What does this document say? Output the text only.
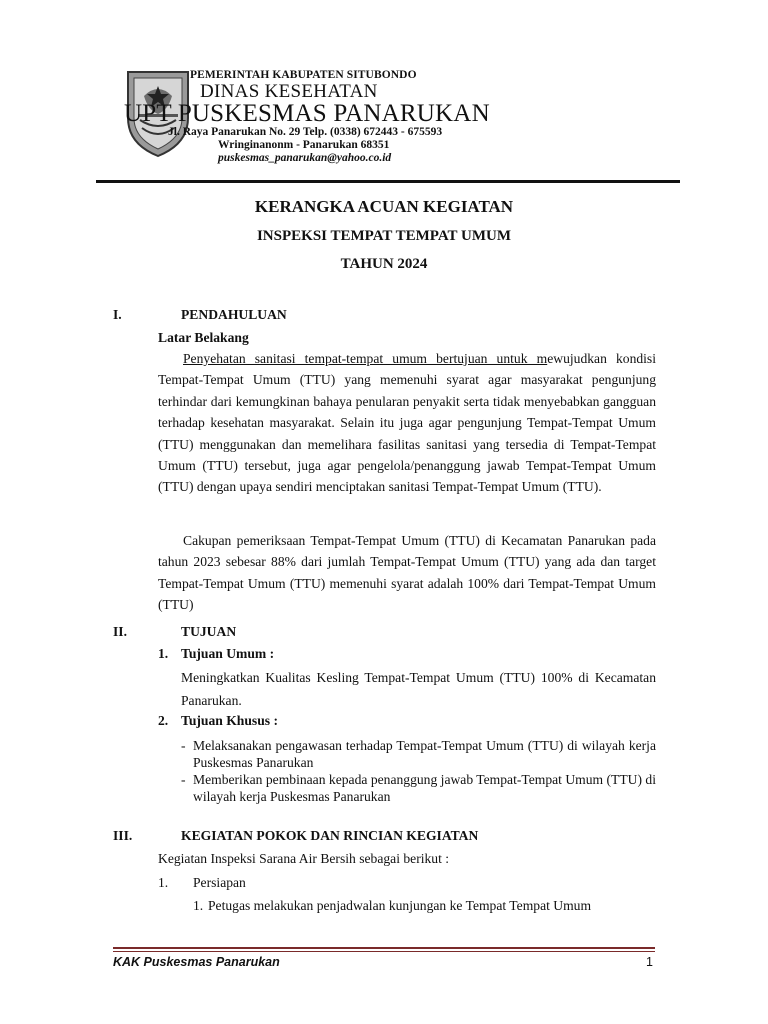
PEMERINTAH KABUPATEN SITUBONDO
DINAS KESEHATAN
UPT PUSKESMAS PANARUKAN
Jl. Raya Panarukan No. 29 Telp. (0338) 672443 - 675593
Wringinanonm - Panarukan 68351
puskesmas_panarukan@yahoo.co.id
KERANGKA ACUAN KEGIATAN
INSPEKSI TEMPAT TEMPAT UMUM
TAHUN 2024
I.	PENDAHULUAN
Latar Belakang

Penyehatan sanitasi tempat-tempat umum bertujuan untuk mewujudkan kondisi Tempat-Tempat Umum (TTU) yang memenuhi syarat agar masyarakat pengunjung terhindar dari kemungkinan bahaya penularan penyakit serta tidak menyebabkan gangguan terhadap kesehatan masyarakat. Selain itu juga agar pengunjung Tempat-Tempat Umum (TTU) menggunakan dan memelihara fasilitas sanitasi yang tersedia di Tempat-Tempat Umum (TTU) tersebut, juga agar pengelola/penanggung jawab Tempat-Tempat Umum (TTU) dengan upaya sendiri menciptakan sanitasi Tempat-Tempat Umum (TTU).

Cakupan pemeriksaan Tempat-Tempat Umum (TTU) di Kecamatan Panarukan pada tahun 2023 sebesar 88% dari jumlah Tempat-Tempat Umum (TTU) yang ada dan target Tempat-Tempat Umum (TTU) memenuhi syarat adalah 100% dari Tempat-Tempat Umum (TTU)

II.	TUJUAN
1. Tujuan Umum :

Meningkatkan Kualitas Kesling Tempat-Tempat Umum (TTU) 100% di Kecamatan Panarukan.

2. Tujuan Khusus :
- Melaksanakan pengawasan terhadap Tempat-Tempat Umum (TTU) di wilayah kerja Puskesmas Panarukan
- Memberikan pembinaan kepada penanggung jawab Tempat-Tempat Umum (TTU) di wilayah kerja Puskesmas Panarukan
III.	KEGIATAN POKOK DAN RINCIAN KEGIATAN
Kegiatan Inspeksi Sarana Air Bersih sebagai berikut :
1. Persiapan
1. Petugas melakukan penjadwalan kunjungan ke Tempat Tempat Umum
KAK Puskesmas Panarukan	1
